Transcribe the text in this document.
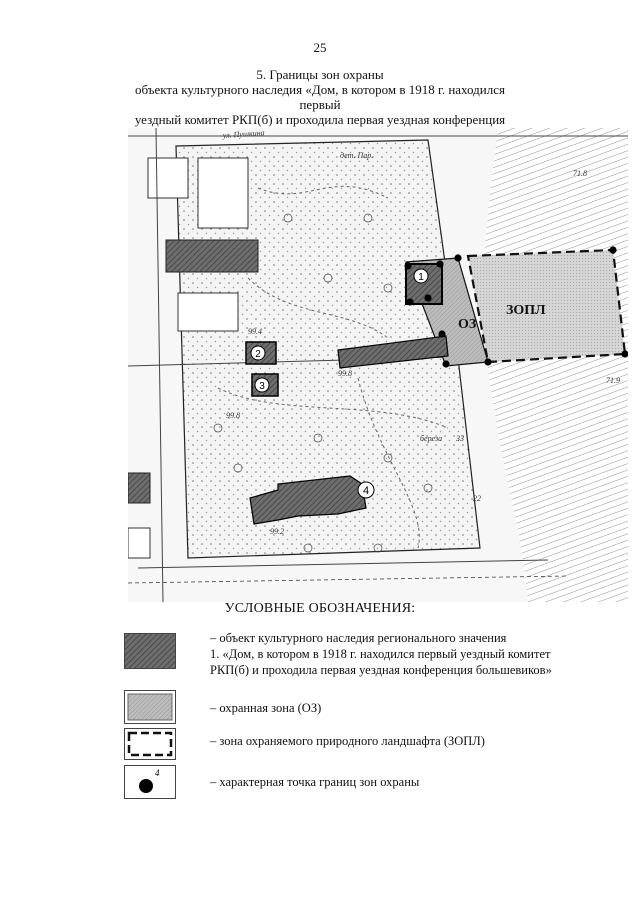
25
5. Границы зон охраны
объекта культурного наследия «Дом, в котором в 1918 г. находился первый
уездный комитет РКП(б) и проходила первая уездная конференция
1
2
3
4
ОЗ
ЗОПЛ
ул. Пушкина
дет. Пар.
71.8
71.9
99.4
99.8
99.8
99.2
33
22
береза
УСЛОВНЫЕ ОБОЗНАЧЕНИЯ:
– объект культурного наследия регионального значения
1. «Дом, в котором в 1918 г. находился первый уездный комитет
РКП(б) и проходила первая уездная конференция большевиков»
– охранная зона (ОЗ)
– зона охраняемого природного ландшафта (ЗОПЛ)
4
– характерная точка границ зон охраны
